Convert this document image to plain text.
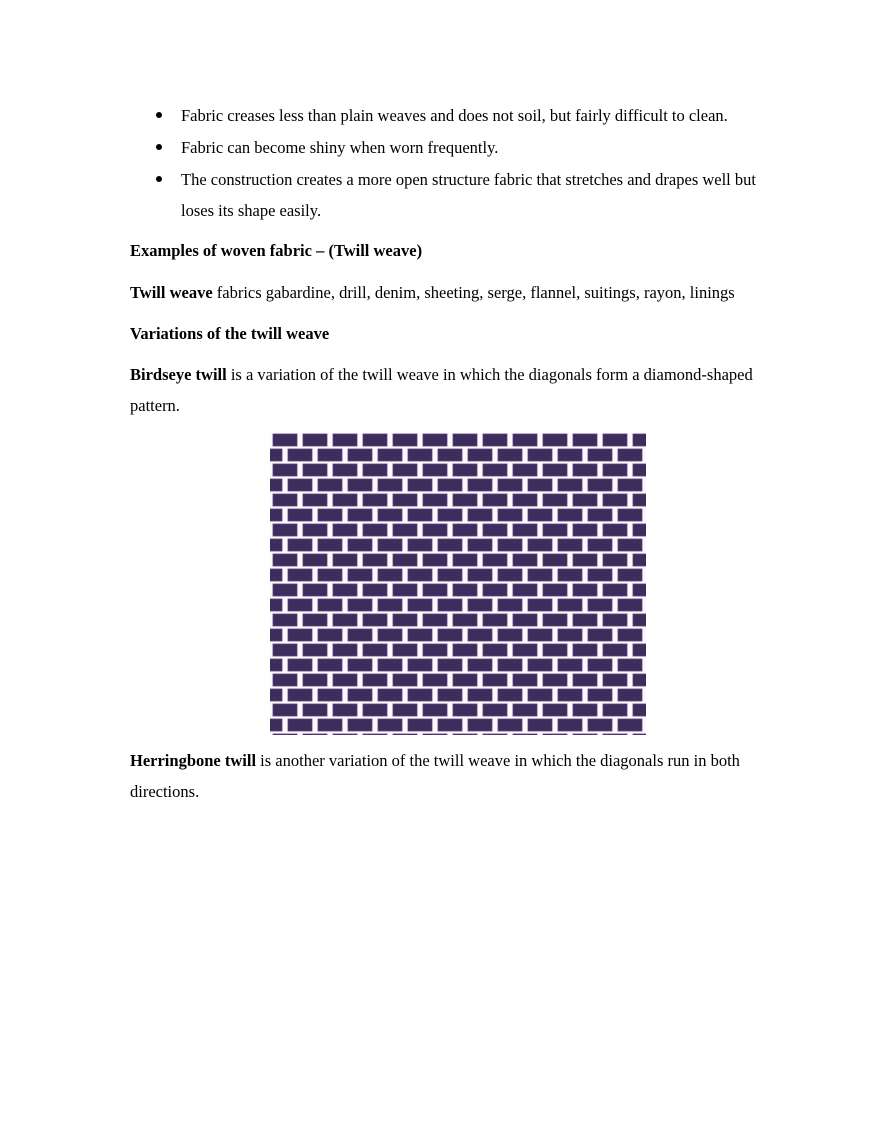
Fabric creases less than plain weaves and does not soil, but fairly difficult to clean.
Fabric can become shiny when worn frequently.
The construction creates a more open structure fabric that stretches and drapes well but loses its shape easily.

Examples of woven fabric – (Twill weave)

Twill weave fabrics gabardine, drill, denim, sheeting, serge, flannel, suitings, rayon, linings

Variations of the twill weave

Birdseye twill is a variation of the twill weave in which the diagonals form a diamond-shaped pattern.

Herringbone twill is another variation of the twill weave in which the diagonals run in both directions.
